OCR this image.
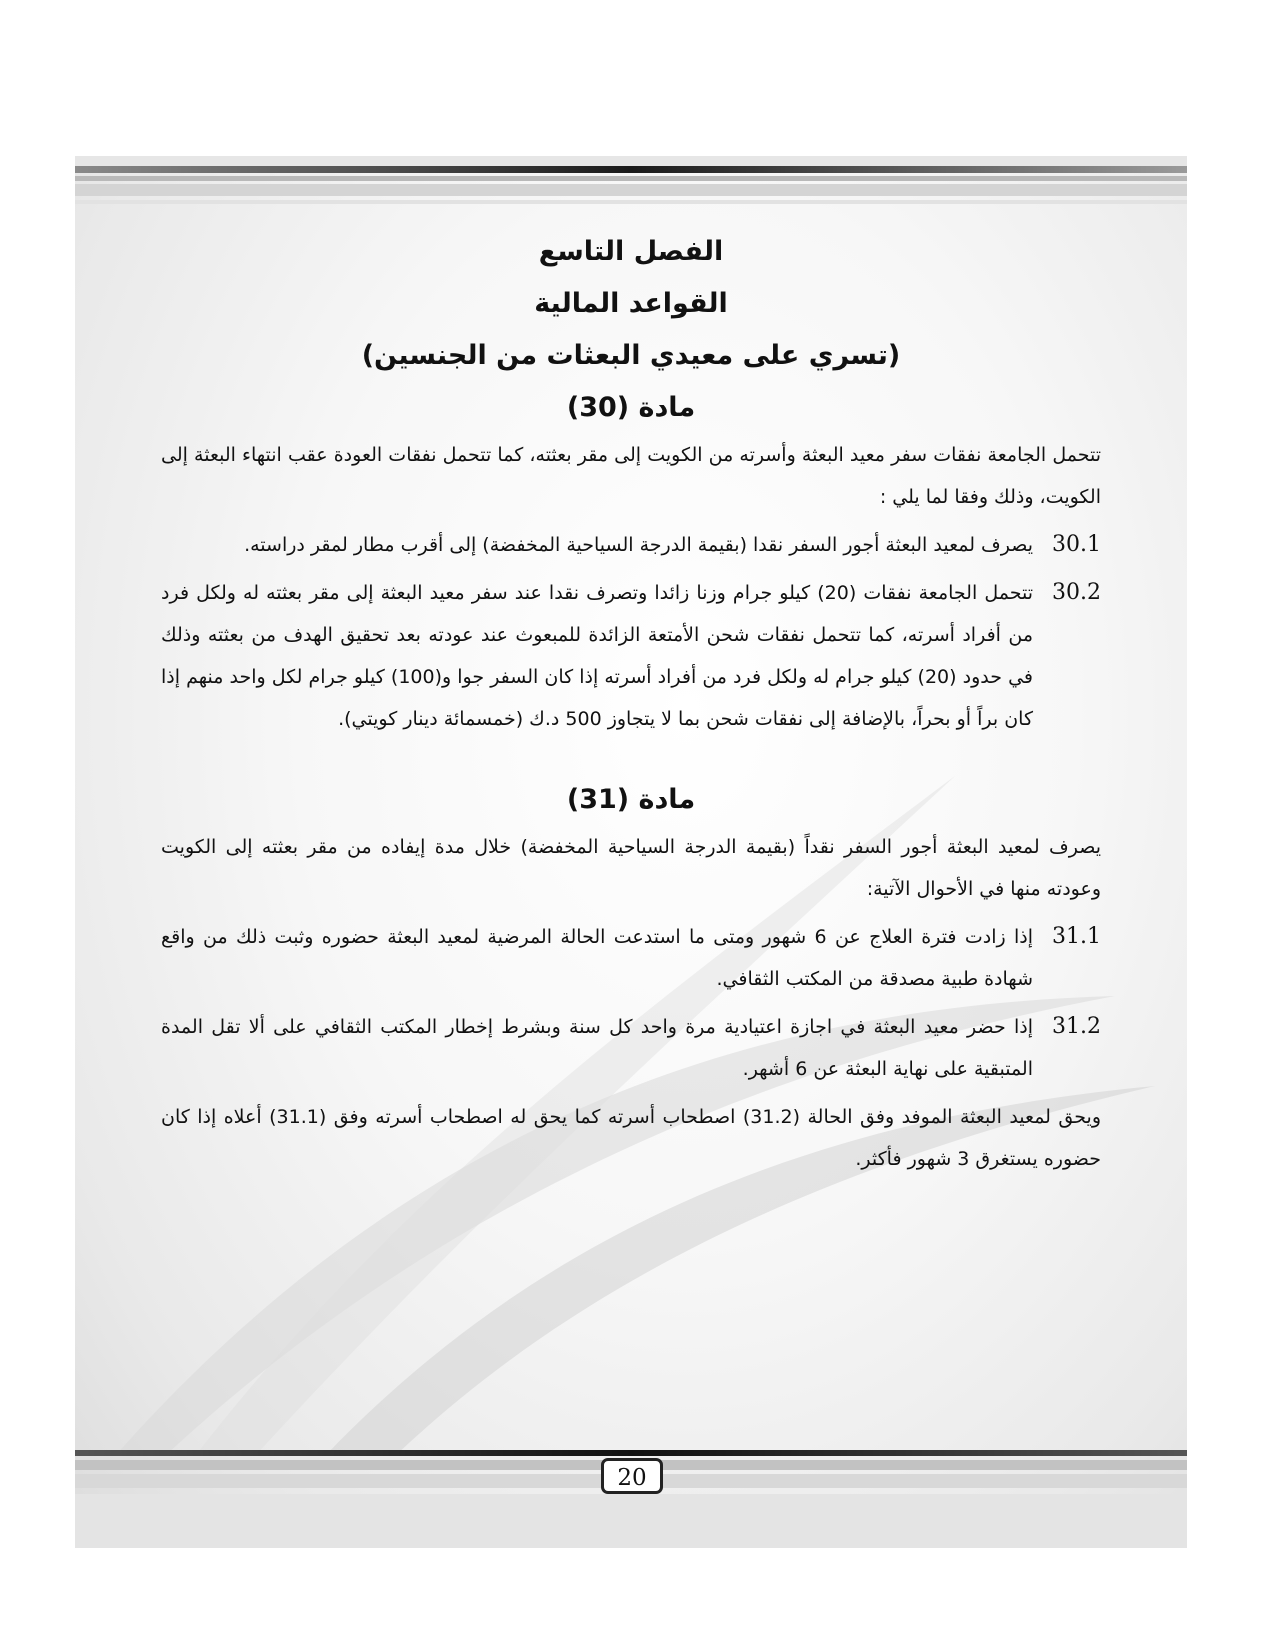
20
الفصل التاسع
القواعد المالية
(تسري على معيدي البعثات من الجنسين)
مادة (30)

تتحمل الجامعة نفقات سفر معيد البعثة وأسرته من الكويت إلى مقر بعثته، كما تتحمل نفقات العودة عقب انتهاء البعثة إلى الكويت، وذلك وفقا لما يلي :

30.1
يصرف لمعيد البعثة أجور السفر نقدا (بقيمة الدرجة السياحية المخفضة) إلى أقرب مطار لمقر دراسته.
30.2
تتحمل الجامعة نفقات (20) كيلو جرام وزنا زائدا وتصرف نقدا عند سفر معيد البعثة إلى مقر بعثته له ولكل فرد من أفراد أسرته، كما تتحمل نفقات شحن الأمتعة الزائدة للمبعوث عند عودته بعد تحقيق الهدف من بعثته وذلك في حدود (20) كيلو جرام له ولكل فرد من أفراد أسرته إذا كان السفر جوا و(100) كيلو جرام لكل واحد منهم إذا كان براً أو بحراً، بالإضافة إلى نفقات شحن بما لا يتجاوز 500 د.ك (خمسمائة دينار كويتي).
مادة (31)

يصرف لمعيد البعثة أجور السفر نقداً (بقيمة الدرجة السياحية المخفضة) خلال مدة إيفاده من مقر بعثته إلى الكويت وعودته منها في الأحوال الآتية:

31.1
إذا زادت فترة العلاج عن 6 شهور ومتى ما استدعت الحالة المرضية لمعيد البعثة حضوره وثبت ذلك من واقع شهادة طبية مصدقة من المكتب الثقافي.
31.2
إذا حضر معيد البعثة في اجازة اعتيادية مرة واحد كل سنة وبشرط إخطار المكتب الثقافي على ألا تقل المدة المتبقية على نهاية البعثة عن 6 أشهر.

ويحق لمعيد البعثة الموفد وفق الحالة (31.2) اصطحاب أسرته كما يحق له اصطحاب أسرته وفق (31.1) أعلاه إذا كان حضوره يستغرق 3 شهور فأكثر.
